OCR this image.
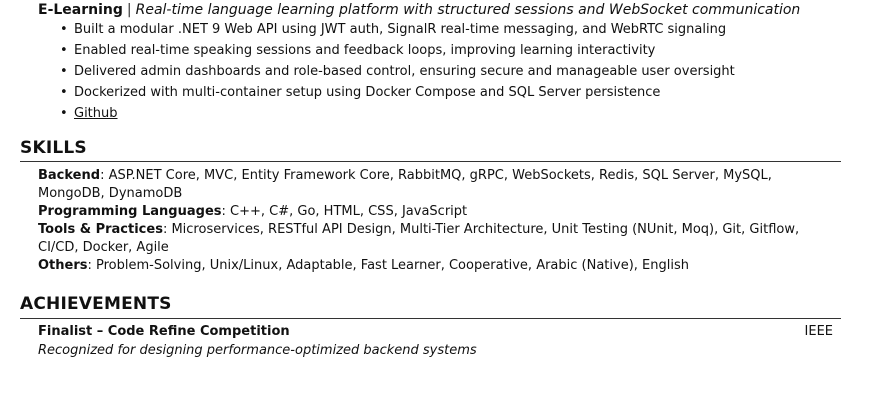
E-Learning | Real-time language learning platform with structured sessions and WebSocket communication
• Built a modular .NET 9 Web API using JWT auth, SignalR real-time messaging, and WebRTC signaling
• Enabled real-time speaking sessions and feedback loops, improving learning interactivity
• Delivered admin dashboards and role-based control, ensuring secure and manageable user oversight
• Dockerized with multi-container setup using Docker Compose and SQL Server persistence
• Github
SKILLS

Backend: ASP.NET Core, MVC, Entity Framework Core, RabbitMQ, gRPC, WebSockets, Redis, SQL Server, MySQL, MongoDB, DynamoDB

Programming Languages: C++, C#, Go, HTML, CSS, JavaScript

Tools & Practices: Microservices, RESTful API Design, Multi-Tier Architecture, Unit Testing (NUnit, Moq), Git, Gitflow, CI/CD, Docker, Agile

Others: Problem-Solving, Unix/Linux, Adaptable, Fast Learner, Cooperative, Arabic (Native), English

ACHIEVEMENTS
Finalist – Code Refine Competition	IEEE
Recognized for designing performance-optimized backend systems
